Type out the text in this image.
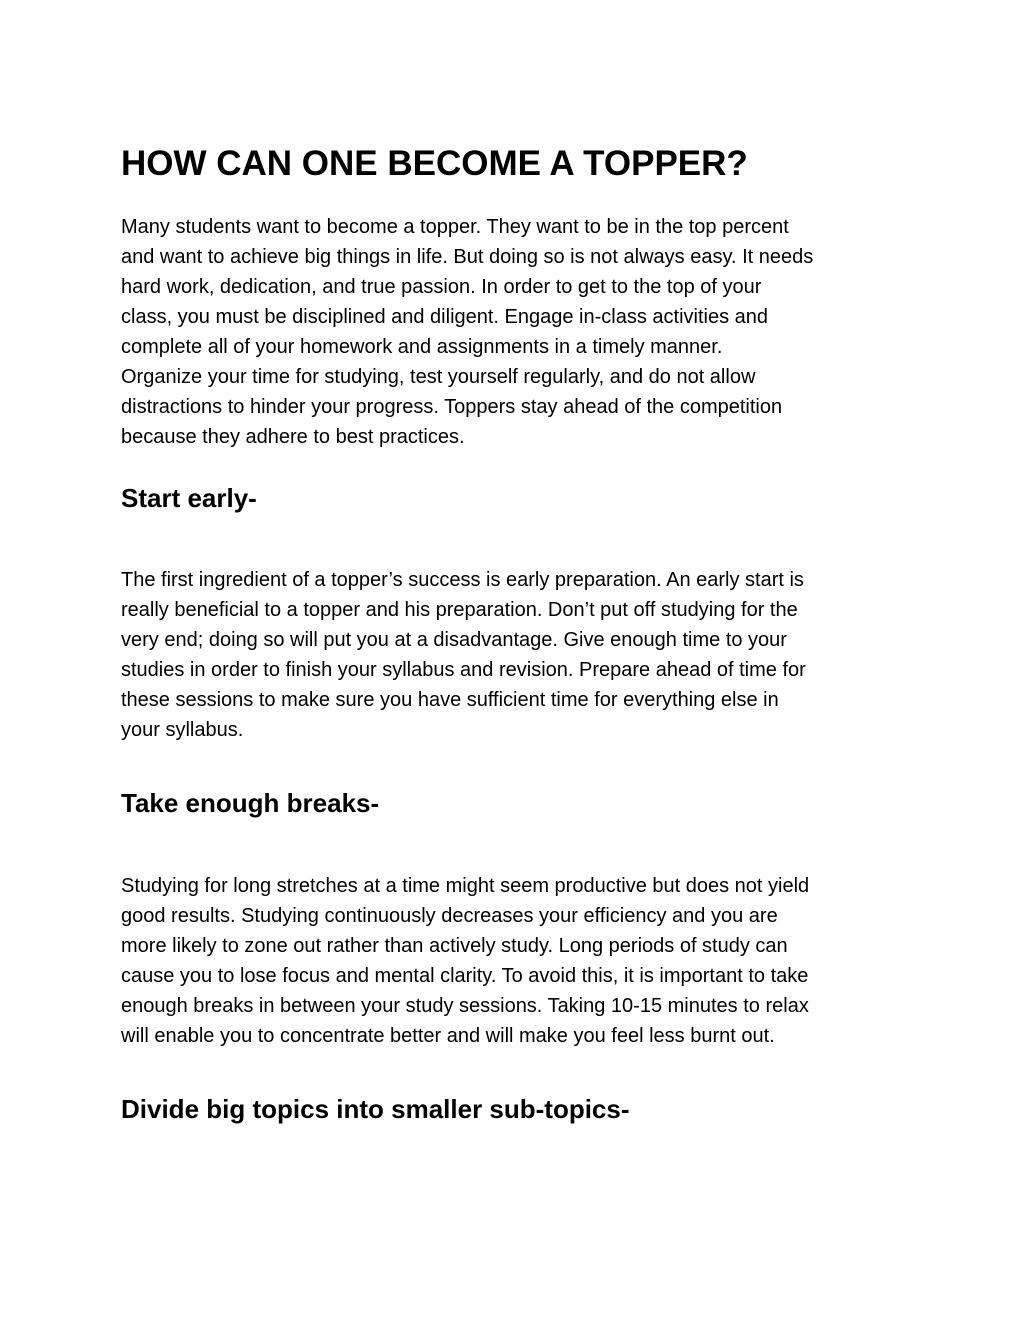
HOW CAN ONE BECOME A TOPPER?

Many students want to become a topper. They want to be in the top percent
and want to achieve big things in life. But doing so is not always easy. It needs
hard work, dedication, and true passion. In order to get to the top of your
class, you must be disciplined and diligent. Engage in-class activities and
complete all of your homework and assignments in a timely manner.
Organize your time for studying, test yourself regularly, and do not allow
distractions to hinder your progress. Toppers stay ahead of the competition
because they adhere to best practices.

Start early-

The first ingredient of a topper’s success is early preparation. An early start is
really beneficial to a topper and his preparation. Don’t put off studying for the
very end; doing so will put you at a disadvantage. Give enough time to your
studies in order to finish your syllabus and revision. Prepare ahead of time for
these sessions to make sure you have sufficient time for everything else in
your syllabus.

Take enough breaks-

Studying for long stretches at a time might seem productive but does not yield
good results. Studying continuously decreases your efficiency and you are
more likely to zone out rather than actively study. Long periods of study can
cause you to lose focus and mental clarity. To avoid this, it is important to take
enough breaks in between your study sessions. Taking 10-15 minutes to relax
will enable you to concentrate better and will make you feel less burnt out.

Divide big topics into smaller sub-topics-
